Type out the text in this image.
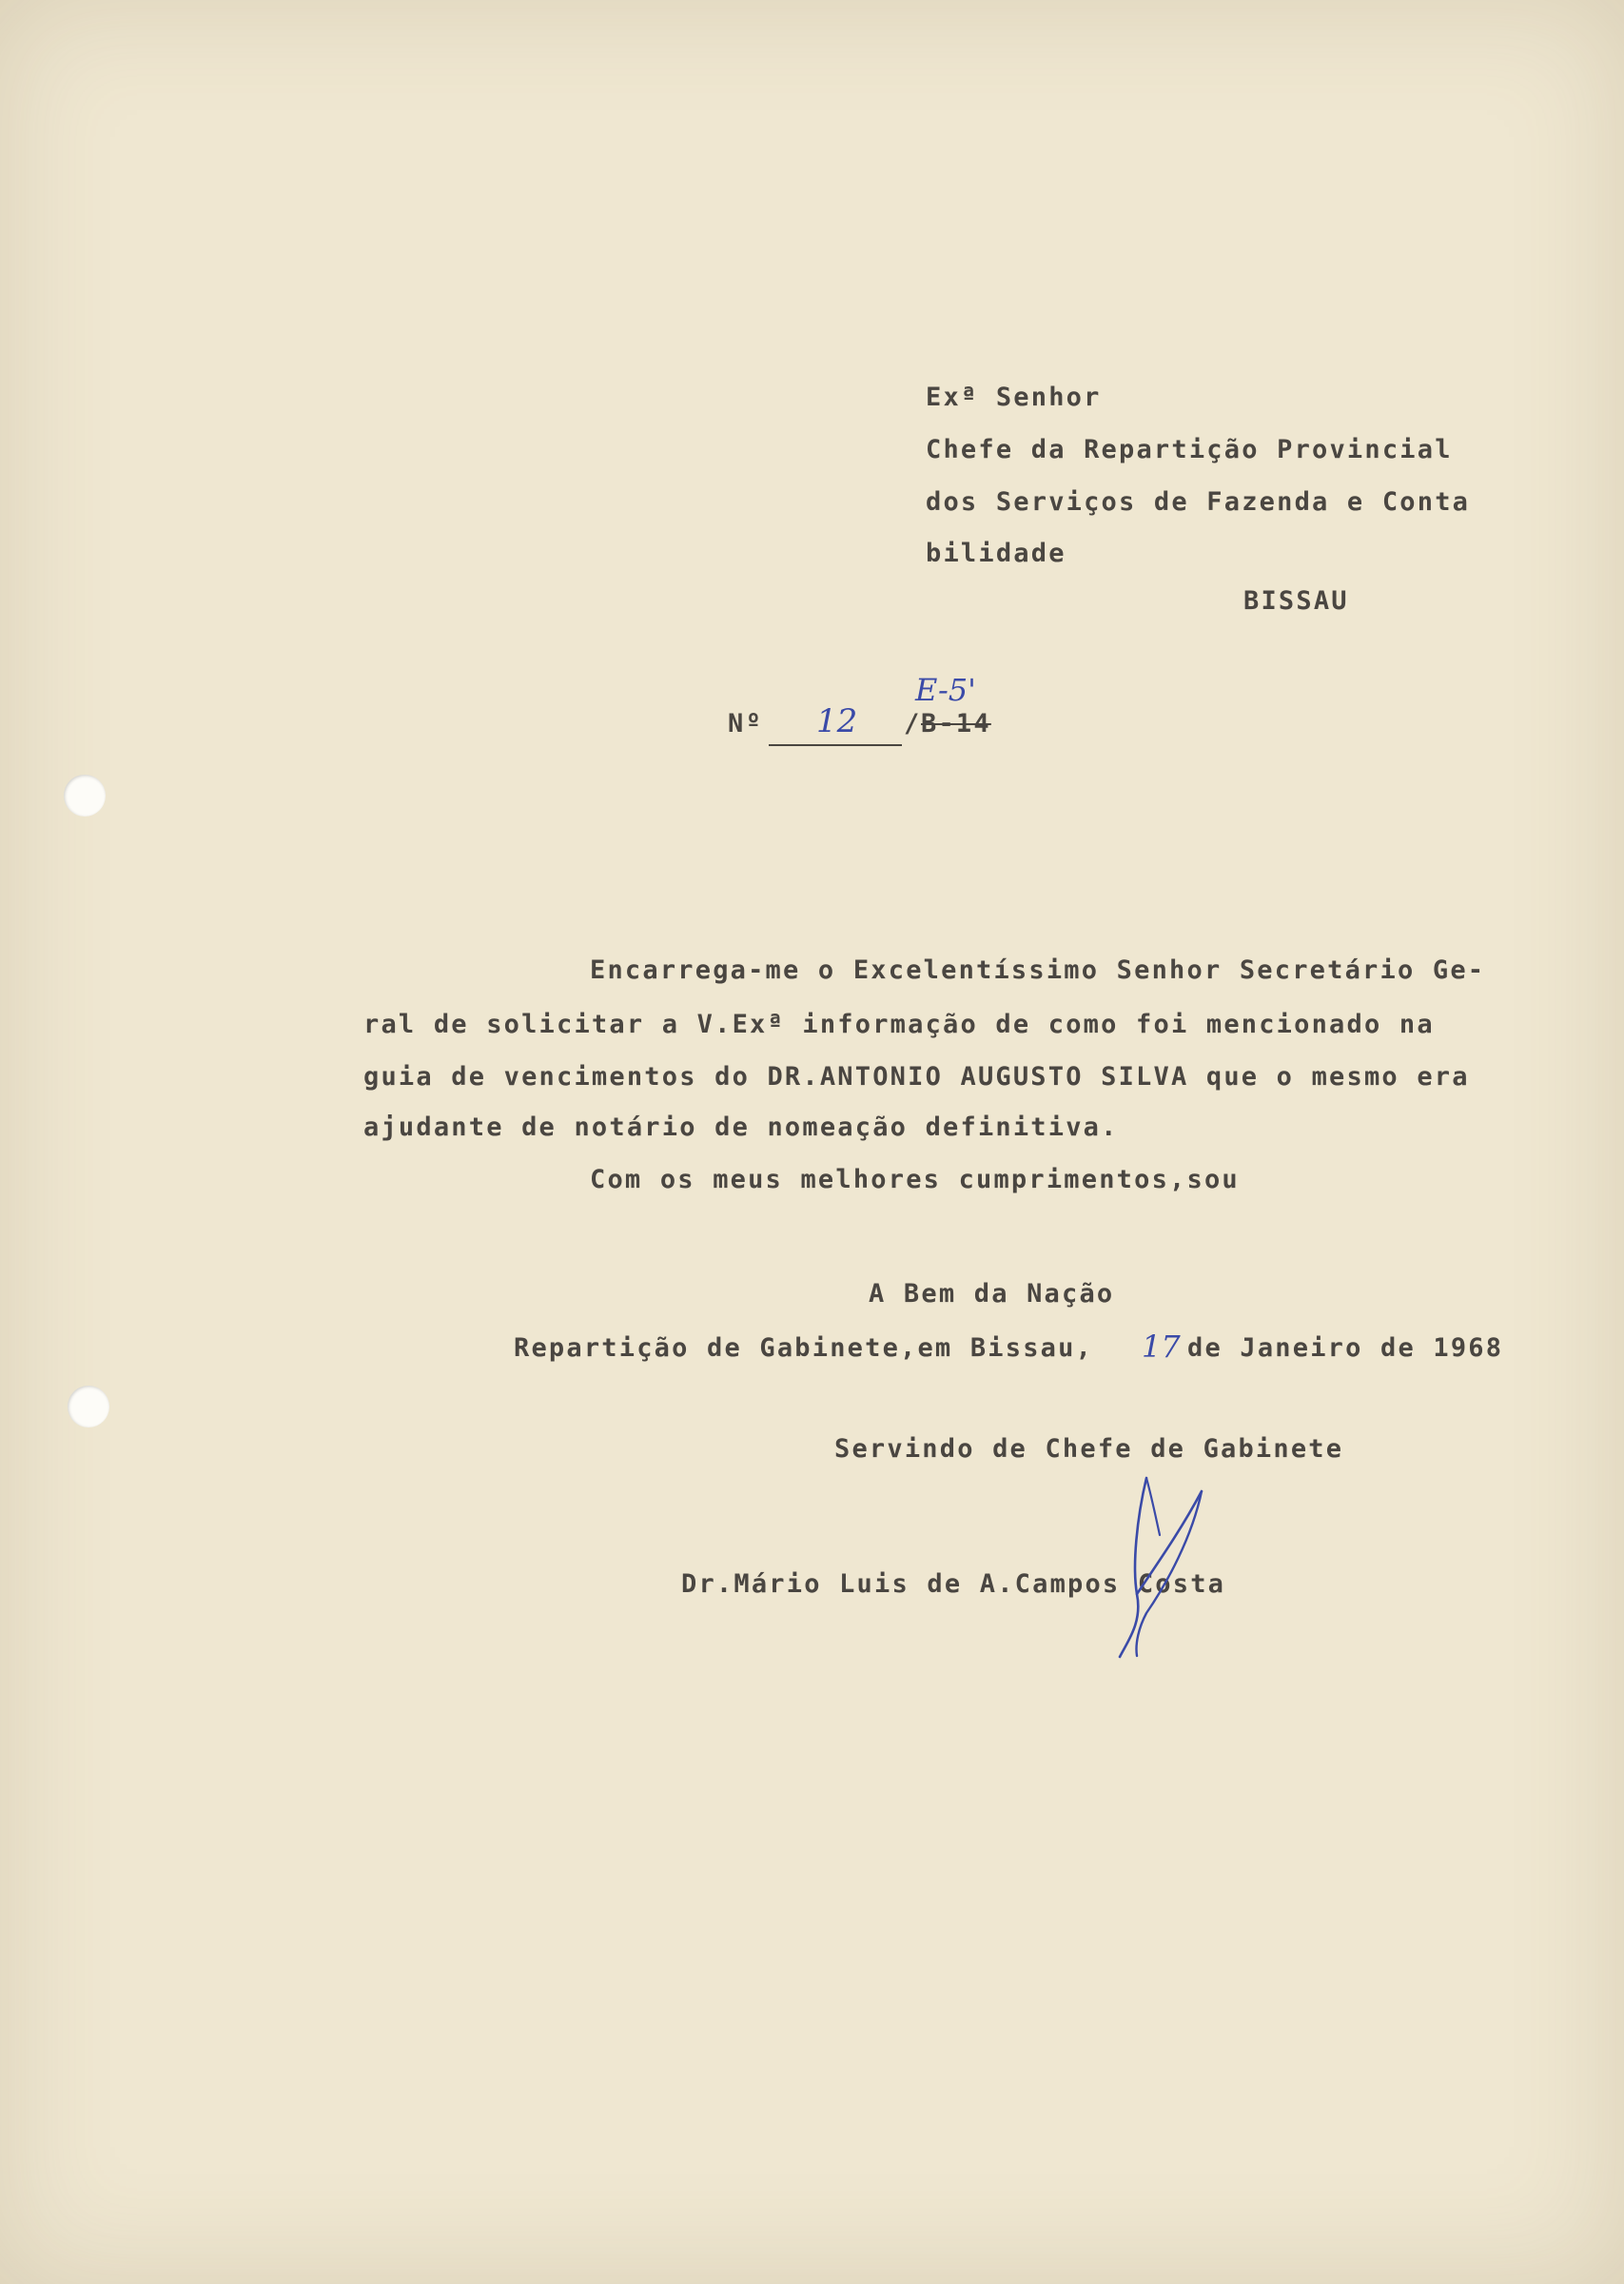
Exª Senhor

Chefe da Repartição Provincial

dos Serviços de Fazenda e Conta

bilidade

BISSAU

Nº 12 / B-14

E-5'

Encarrega-me o Excelentíssimo Senhor Secretário Ge-

ral de solicitar a V.Exª informação de como foi mencionado na

guia de vencimentos do DR.ANTONIO AUGUSTO SILVA que o mesmo era

ajudante de notário de nomeação definitiva.

Com os meus melhores cumprimentos,sou

A Bem da Nação

Repartição de Gabinete,em Bissau, 17 de Janeiro de 1968

Servindo de Chefe de Gabinete

Dr.Mário Luis de A.Campos Costa
